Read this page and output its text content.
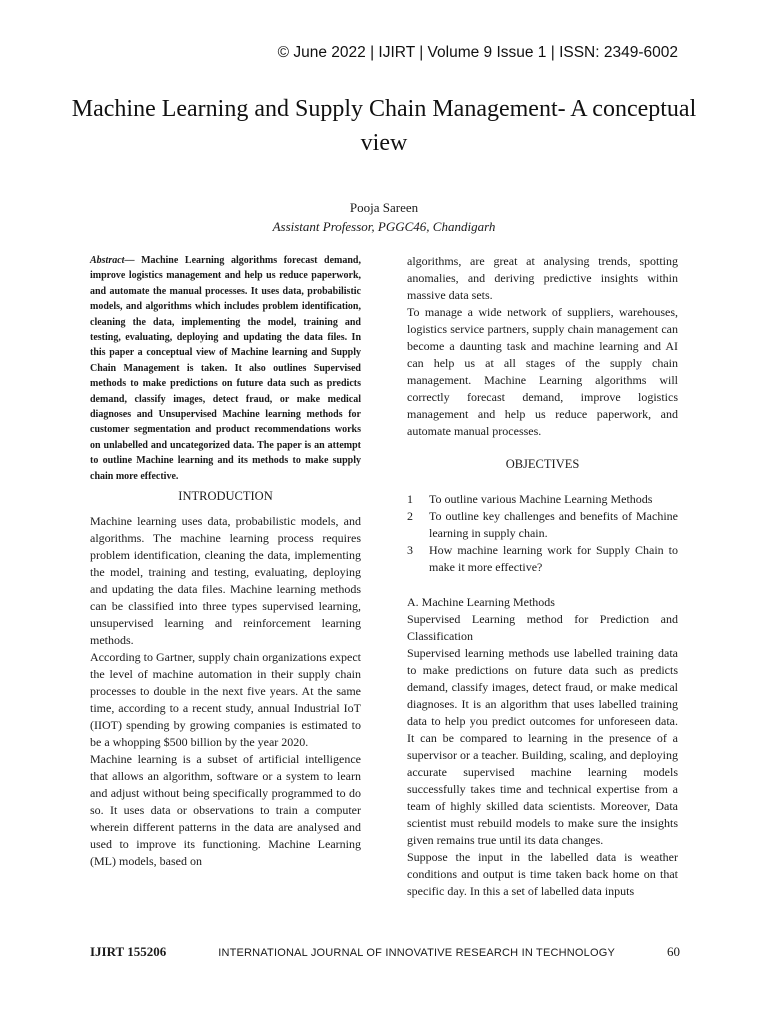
© June 2022 | IJIRT | Volume 9 Issue 1 | ISSN: 2349-6002
Machine Learning and Supply Chain Management- A conceptual view
Pooja Sareen
Assistant Professor, PGGC46, Chandigarh

Abstract— Machine Learning algorithms forecast demand, improve logistics management and help us reduce paperwork, and automate the manual processes. It uses data, probabilistic models, and algorithms which includes problem identification, cleaning the data, implementing the model, training and testing, evaluating, deploying and updating the data files. In this paper a conceptual view of Machine learning and Supply Chain Management is taken. It also outlines Supervised methods to make predictions on future data such as predicts demand, classify images, detect fraud, or make medical diagnoses and Unsupervised Machine learning methods for customer segmentation and product recommendations works on unlabelled and uncategorized data. The paper is an attempt to outline Machine learning and its methods to make supply chain more effective.

INTRODUCTION

Machine learning uses data, probabilistic models, and algorithms. The machine learning process requires problem identification, cleaning the data, implementing the model, training and testing, evaluating, deploying and updating the data files. Machine learning methods can be classified into three types supervised learning, unsupervised learning and reinforcement learning methods.

According to Gartner, supply chain organizations expect the level of machine automation in their supply chain processes to double in the next five years. At the same time, according to a recent study, annual Industrial IoT (IIOT) spending by growing companies is estimated to be a whopping $500 billion by the year 2020.

Machine learning is a subset of artificial intelligence that allows an algorithm, software or a system to learn and adjust without being specifically programmed to do so. It uses data or observations to train a computer wherein different patterns in the data are analysed and used to improve its functioning. Machine Learning (ML) models, based on

algorithms, are great at analysing trends, spotting anomalies, and deriving predictive insights within massive data sets.

To manage a wide network of suppliers, warehouses, logistics service partners, supply chain management can become a daunting task and machine learning and AI can help us at all stages of the supply chain management. Machine Learning algorithms will correctly forecast demand, improve logistics management and help us reduce paperwork, and automate manual processes.

OBJECTIVES
1	To outline various Machine Learning Methods
2	To outline key challenges and benefits of Machine learning in supply chain.
3	How machine learning work for Supply Chain to make it more effective?

A. Machine Learning Methods

Supervised Learning method for Prediction and Classification

Supervised learning methods use labelled training data to make predictions on future data such as predicts demand, classify images, detect fraud, or make medical diagnoses. It is an algorithm that uses labelled training data to help you predict outcomes for unforeseen data. It can be compared to learning in the presence of a supervisor or a teacher. Building, scaling, and deploying accurate supervised machine learning models successfully takes time and technical expertise from a team of highly skilled data scientists. Moreover, Data scientist must rebuild models to make sure the insights given remains true until its data changes.

Suppose the input in the labelled data is weather conditions and output is time taken back home on that specific day. In this a set of labelled data inputs

IJIRT 155206	INTERNATIONAL JOURNAL OF INNOVATIVE RESEARCH IN TECHNOLOGY	60
